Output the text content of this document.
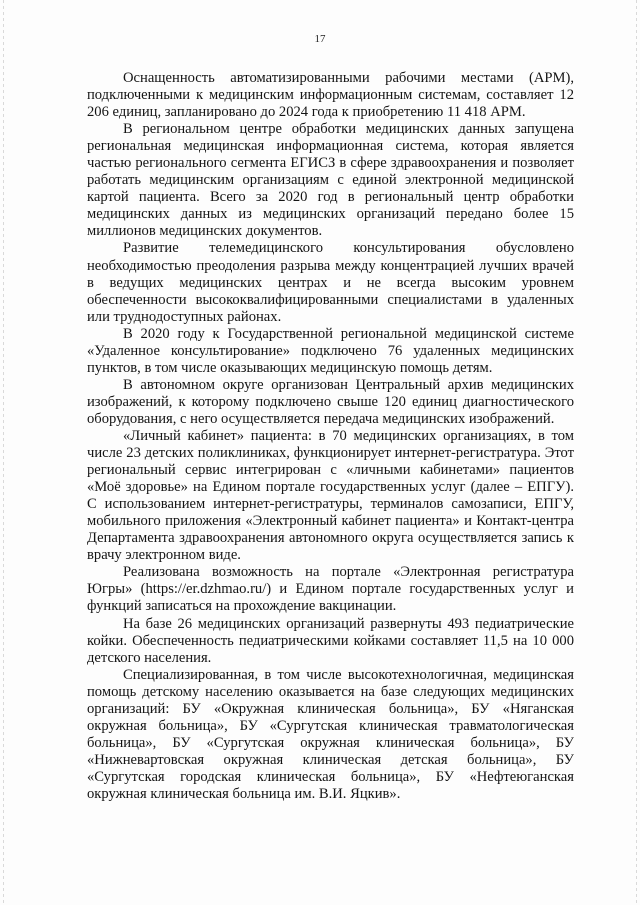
17

Оснащенность автоматизированными рабочими местами (АРМ), подключенными к медицинским информационным системам, составляет 12 206 единиц, запланировано до 2024 года к приобретению 11 418 АРМ.

В региональном центре обработки медицинских данных запущена региональная медицинская информационная система, которая является частью регионального сегмента ЕГИСЗ в сфере здравоохранения и позволяет работать медицинским организациям с единой электронной медицинской картой пациента. Всего за 2020 год в региональный центр обработки медицинских данных из медицинских организаций передано более 15 миллионов медицинских документов.

Развитие телемедицинского консультирования обусловлено необходимостью преодоления разрыва между концентрацией лучших врачей в ведущих медицинских центрах и не всегда высоким уровнем обеспеченности высококвалифицированными специалистами в удаленных или труднодоступных районах.

В 2020 году к Государственной региональной медицинской системе «Удаленное консультирование» подключено 76 удаленных медицинских пунктов, в том числе оказывающих медицинскую помощь детям.

В автономном округе организован Центральный архив медицинских изображений, к которому подключено свыше 120 единиц диагностического оборудования, с него осуществляется передача медицинских изображений.

«Личный кабинет» пациента: в 70 медицинских организациях, в том числе 23 детских поликлиниках, функционирует интернет-регистратура. Этот региональный сервис интегрирован с «личными кабинетами» пациентов «Моё здоровье» на Едином портале государственных услуг (далее – ЕПГУ). С использованием интернет-регистратуры, терминалов самозаписи, ЕПГУ, мобильного приложения «Электронный кабинет пациента» и Контакт-центра Департамента здравоохранения автономного округа осуществляется запись к врачу электронном виде.

Реализована возможность на портале «Электронная регистратура Югры» (https://er.dzhmao.ru/) и Едином портале государственных услуг и функций записаться на прохождение вакцинации.

На базе 26 медицинских организаций развернуты 493 педиатрические койки. Обеспеченность педиатрическими койками составляет 11,5 на 10 000 детского населения.

Специализированная, в том числе высокотехнологичная, медицинская помощь детскому населению оказывается на базе следующих медицинских организаций: БУ «Окружная клиническая больница», БУ «Няганская окружная больница», БУ «Сургутская клиническая травматологическая больница», БУ «Сургутская окружная клиническая больница», БУ «Нижневартовская окружная клиническая детская больница», БУ «Сургутская городская клиническая больница», БУ «Нефтеюганская окружная клиническая больница им. В.И. Яцкив».
